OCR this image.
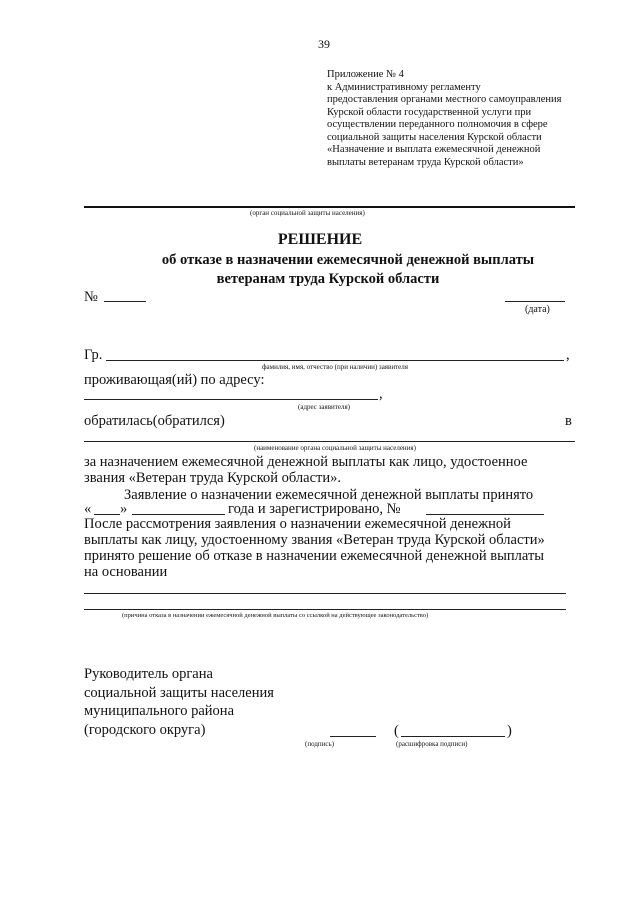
39
Приложение № 4
к Административному регламенту
предоставления органами местного самоуправления
Курской области государственной услуги при
осуществлении переданного полномочия в сфере
социальной защиты населения Курской области
«Назначение и выплата ежемесячной денежной
выплаты ветеранам труда Курской области»
(орган социальной защиты населения)
РЕШЕНИЕ
об отказе в назначении ежемесячной денежной выплаты
ветеранам труда Курской области
№
(дата)
Гр.	,
фамилия, имя, отчество (при наличии) заявителя
проживающая(ий) по адресу:
,
(адрес заявителя)
обратилась(обратился)	в
(наименование органа социальной защиты населения)
за назначением ежемесячной денежной выплаты как лицо, удостоенное
звания «Ветеран труда Курской области».
Заявление о назначении ежемесячной денежной выплаты принято
« »	года и зарегистрировано, №
После рассмотрения заявления о назначении ежемесячной денежной
выплаты как лицу, удостоенному звания «Ветеран труда Курской области»
принято решение об отказе в назначении ежемесячной денежной выплаты
на основании
(причина отказа в назначении ежемесячной денежной выплаты со ссылкой на действующее законодательство)
Руководитель органа
социальной защиты населения
муниципального района
(городского округа)
(подпись)
(	)
(расшифровка подписи)
